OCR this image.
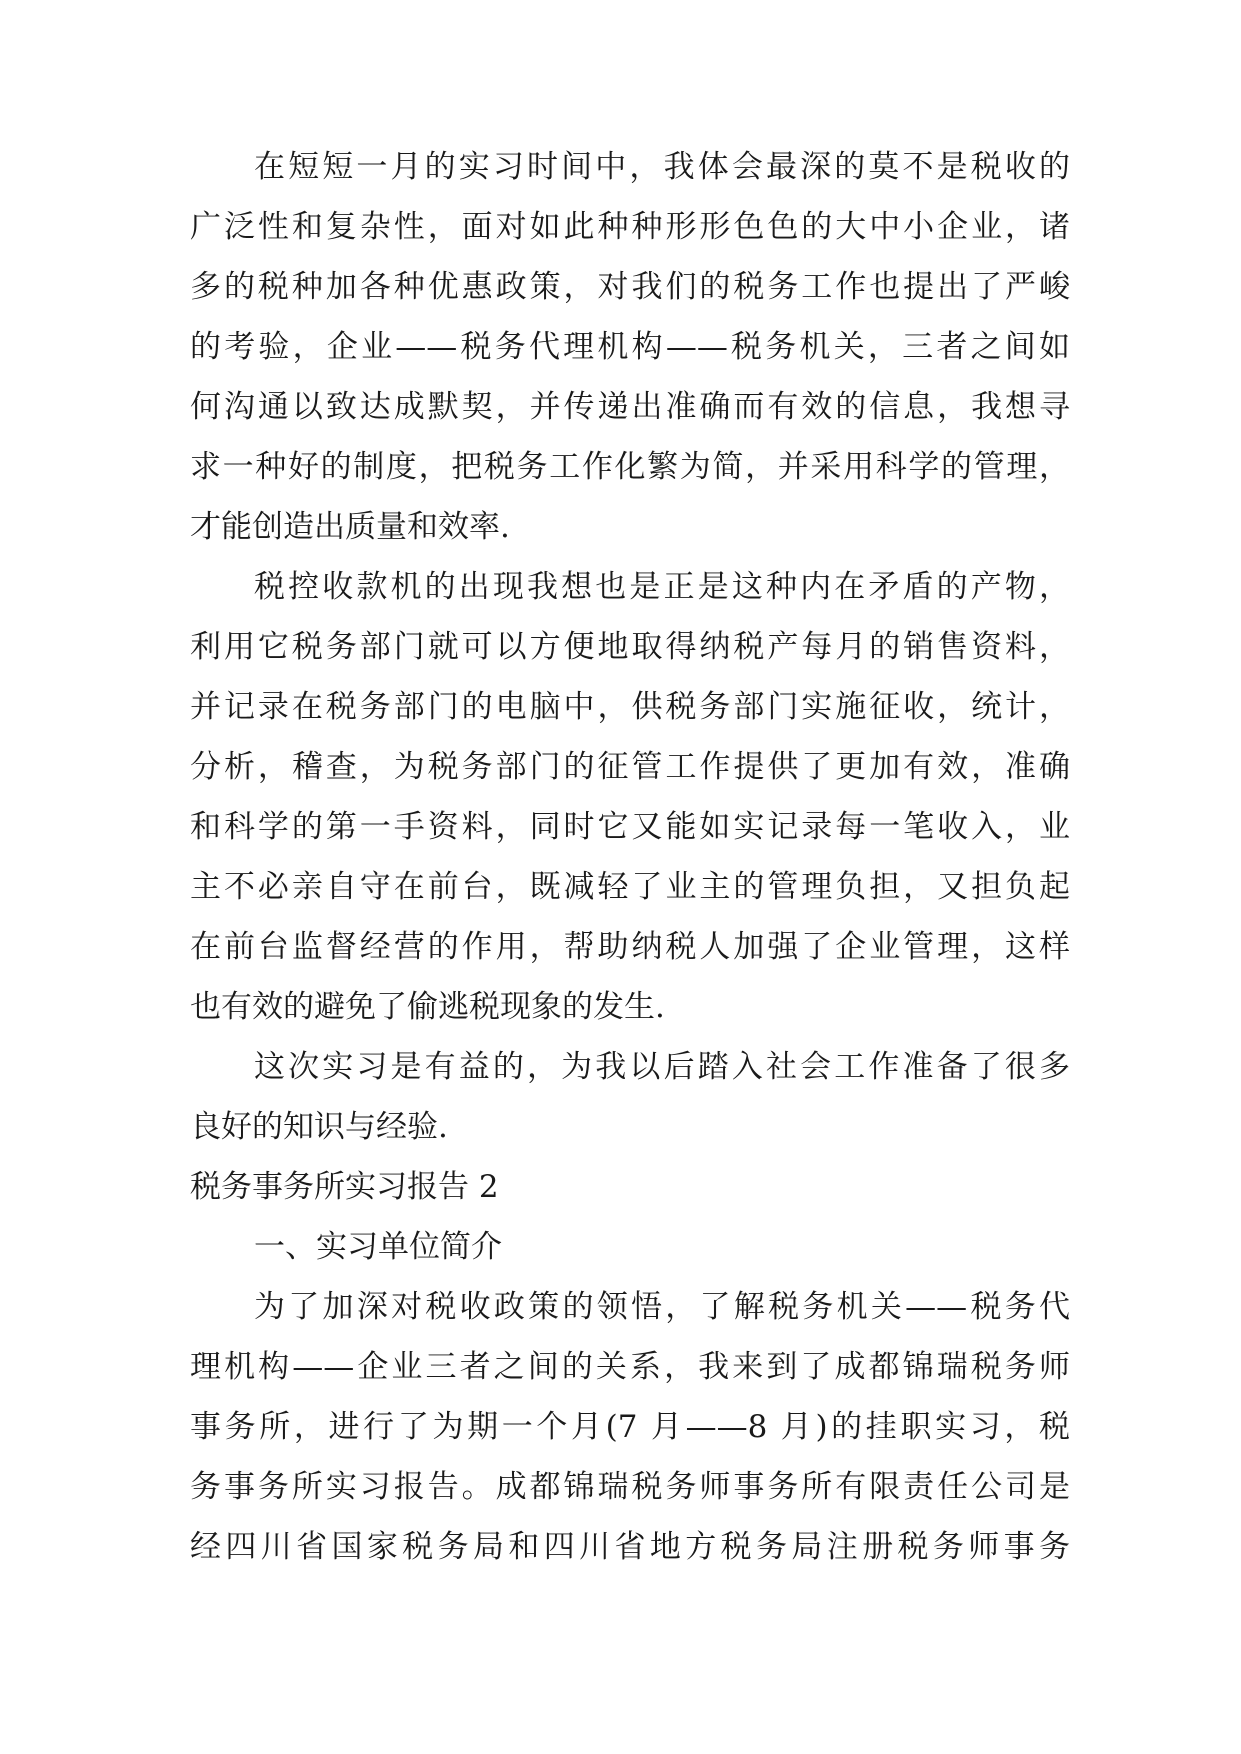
在短短一月的实习时间中，我体会最深的莫不是税收的
广泛性和复杂性，面对如此种种形形色色的大中小企业，诸
多的税种加各种优惠政策，对我们的税务工作也提出了严峻
的考验，企业——税务代理机构——税务机关，三者之间如
何沟通以致达成默契，并传递出准确而有效的信息，我想寻
求一种好的制度，把税务工作化繁为简，并采用科学的管理，
才能创造出质量和效率.
税控收款机的出现我想也是正是这种内在矛盾的产物，
利用它税务部门就可以方便地取得纳税产每月的销售资料，
并记录在税务部门的电脑中，供税务部门实施征收，统计，
分析，稽查，为税务部门的征管工作提供了更加有效，准确
和科学的第一手资料，同时它又能如实记录每一笔收入，业
主不必亲自守在前台，既减轻了业主的管理负担，又担负起
在前台监督经营的作用，帮助纳税人加强了企业管理，这样
也有效的避免了偷逃税现象的发生.
这次实习是有益的，为我以后踏入社会工作准备了很多
良好的知识与经验.
税务事务所实习报告 2
一、实习单位简介
为了加深对税收政策的领悟，了解税务机关——税务代
理机构——企业三者之间的关系，我来到了成都锦瑞税务师
事务所，进行了为期一个月(7 月——8 月)的挂职实习，税
务事务所实习报告。成都锦瑞税务师事务所有限责任公司是
经四川省国家税务局和四川省地方税务局注册税务师事务
